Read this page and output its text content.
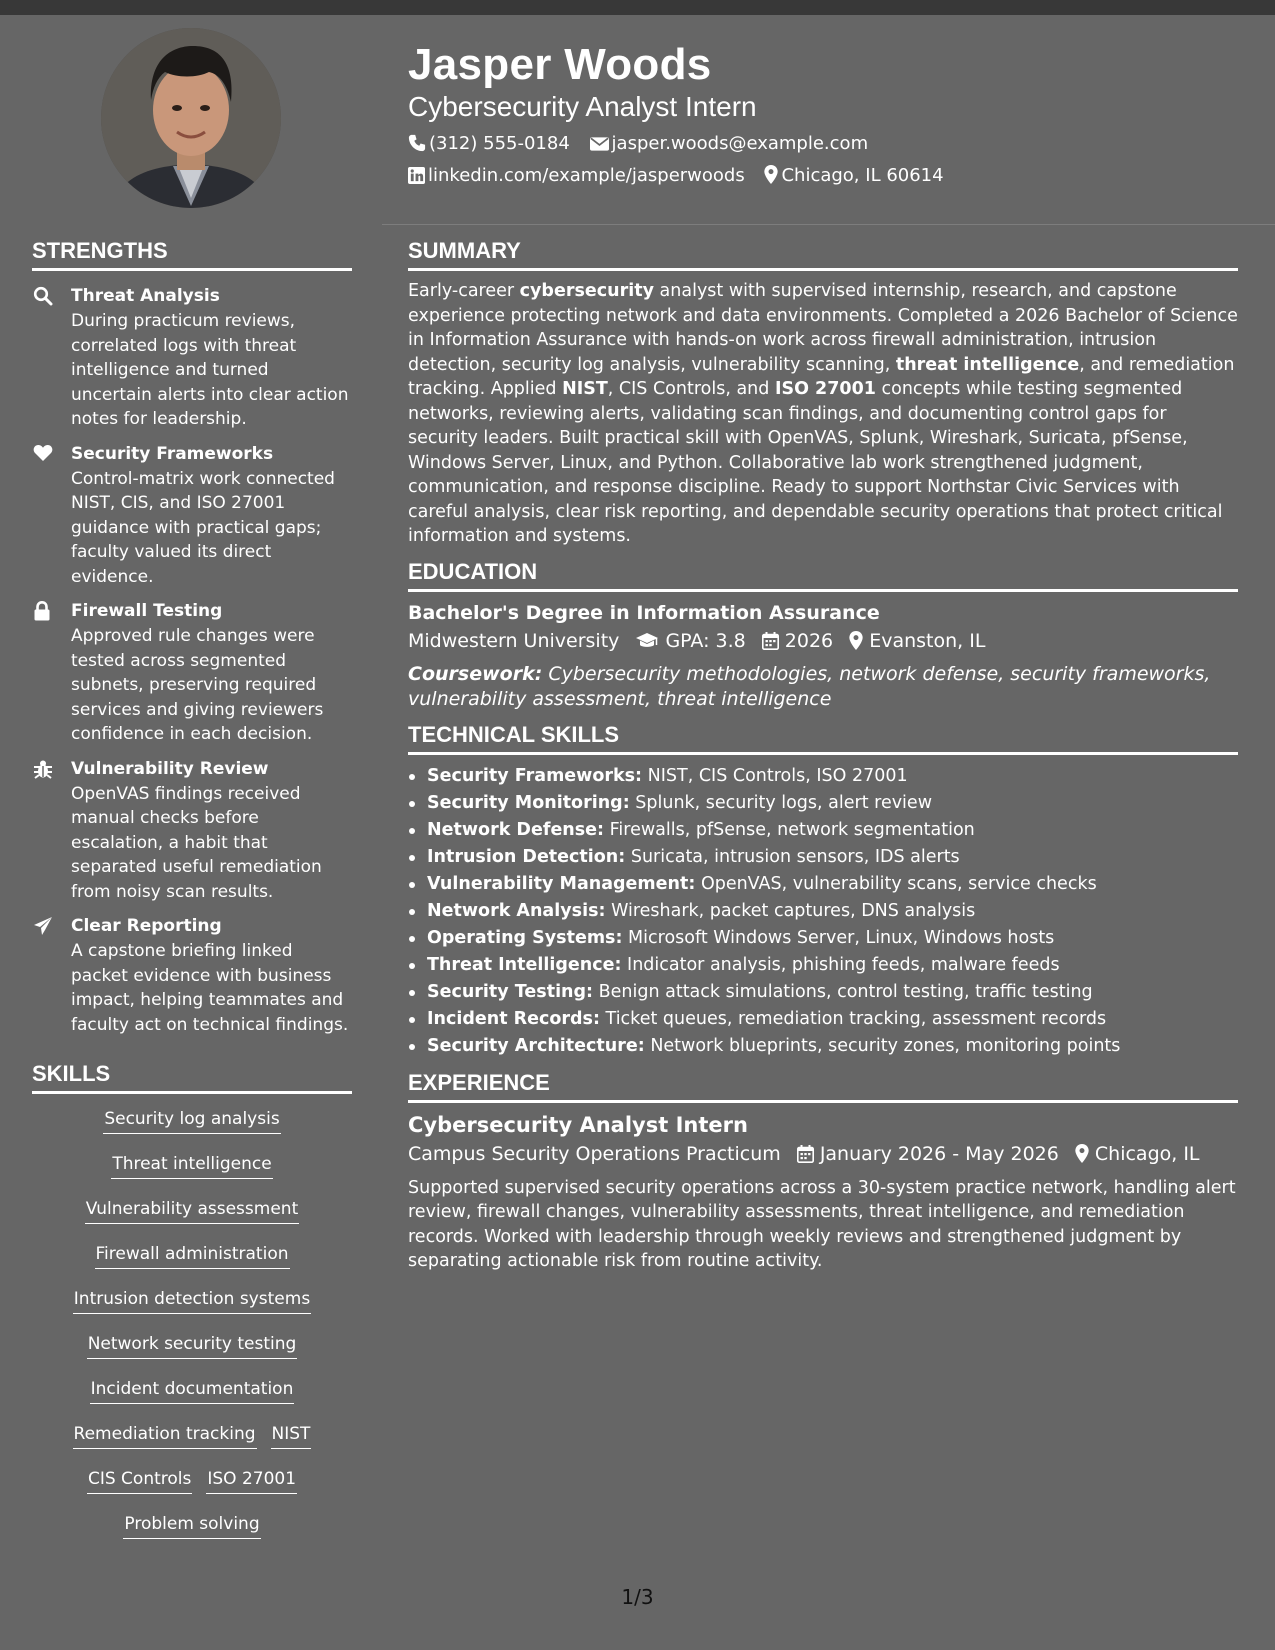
Jasper Woods
Cybersecurity Analyst Intern
(312) 555-0184 jasper.woods@example.com
linkedin.com/example/jasperwoods Chicago, IL 60614
STRENGTHS
Threat Analysis
During practicum reviews, correlated logs with threat intelligence and turned uncertain alerts into clear action notes for leadership.
Security Frameworks
Control-matrix work connected NIST, CIS, and ISO 27001 guidance with practical gaps; faculty valued its direct evidence.
Firewall Testing
Approved rule changes were tested across segmented subnets, preserving required services and giving reviewers confidence in each decision.
Vulnerability Review
OpenVAS findings received manual checks before escalation, a habit that separated useful remediation from noisy scan results.
Clear Reporting
A capstone briefing linked packet evidence with business impact, helping teammates and faculty act on technical findings.
SKILLS
Security log analysis
Threat intelligence
Vulnerability assessment
Firewall administration
Intrusion detection systems
Network security testing
Incident documentation
Remediation tracking NIST
CIS Controls ISO 27001
Problem solving
SUMMARY

Early-career cybersecurity analyst with supervised internship, research, and capstone experience protecting network and data environments. Completed a 2026 Bachelor of Science in Information Assurance with hands-on work across firewall administration, intrusion detection, security log analysis, vulnerability scanning, threat intelligence, and remediation tracking. Applied NIST, CIS Controls, and ISO 27001 concepts while testing segmented networks, reviewing alerts, validating scan findings, and documenting control gaps for security leaders. Built practical skill with OpenVAS, Splunk, Wireshark, Suricata, pfSense, Windows Server, Linux, and Python. Collaborative lab work strengthened judgment, communication, and response discipline. Ready to support Northstar Civic Services with careful analysis, clear risk reporting, and dependable security operations that protect critical information and systems.

EDUCATION
Bachelor's Degree in Information Assurance
Midwestern University GPA: 3.8 2026 Evanston, IL
Coursework: Cybersecurity methodologies, network defense, security frameworks, vulnerability assessment, threat intelligence
TECHNICAL SKILLS
Security Frameworks: NIST, CIS Controls, ISO 27001
Security Monitoring: Splunk, security logs, alert review
Network Defense: Firewalls, pfSense, network segmentation
Intrusion Detection: Suricata, intrusion sensors, IDS alerts
Vulnerability Management: OpenVAS, vulnerability scans, service checks
Network Analysis: Wireshark, packet captures, DNS analysis
Operating Systems: Microsoft Windows Server, Linux, Windows hosts
Threat Intelligence: Indicator analysis, phishing feeds, malware feeds
Security Testing: Benign attack simulations, control testing, traffic testing
Incident Records: Ticket queues, remediation tracking, assessment records
Security Architecture: Network blueprints, security zones, monitoring points
EXPERIENCE
Cybersecurity Analyst Intern
Campus Security Operations Practicum January 2026 - May 2026 Chicago, IL
Supported supervised security operations across a 30-system practice network, handling alert review, firewall changes, vulnerability assessments, threat intelligence, and remediation records. Worked with leadership through weekly reviews and strengthened judgment by separating actionable risk from routine activity.
1/3
